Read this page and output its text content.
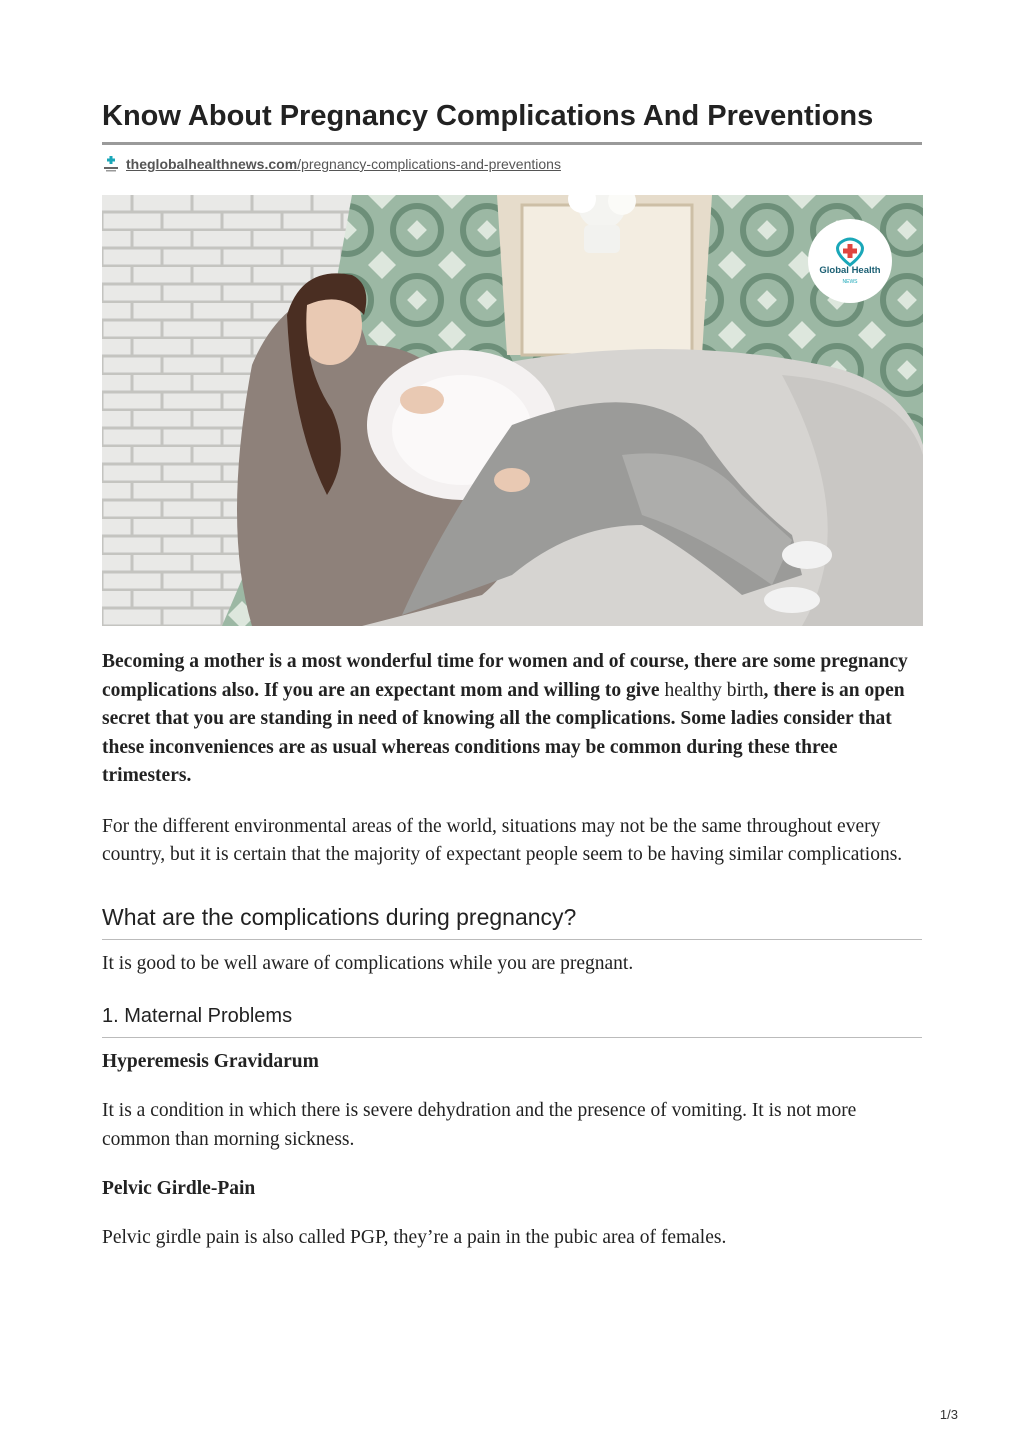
Know About Pregnancy Complications And Preventions
theglobalhealthnews.com /pregnancy-complications-and-preventions
Global Health
NEWS

Becoming a mother is a most wonderful time for women and of course, there are some pregnancy complications also. If you are an expectant mom and willing to give healthy birth, there is an open secret that you are standing in need of knowing all the complications. Some ladies consider that these inconveniences are as usual whereas conditions may be common during these three trimesters.

For the different environmental areas of the world, situations may not be the same throughout every country, but it is certain that the majority of expectant people seem to be having similar complications.

What are the complications during pregnancy?

It is good to be well aware of complications while you are pregnant.

1. Maternal Problems
Hyperemesis Gravidarum

It is a condition in which there is severe dehydration and the presence of vomiting. It is not more common than morning sickness.

Pelvic Girdle-Pain

Pelvic girdle pain is also called PGP, they’re a pain in the pubic area of females.

1/3
